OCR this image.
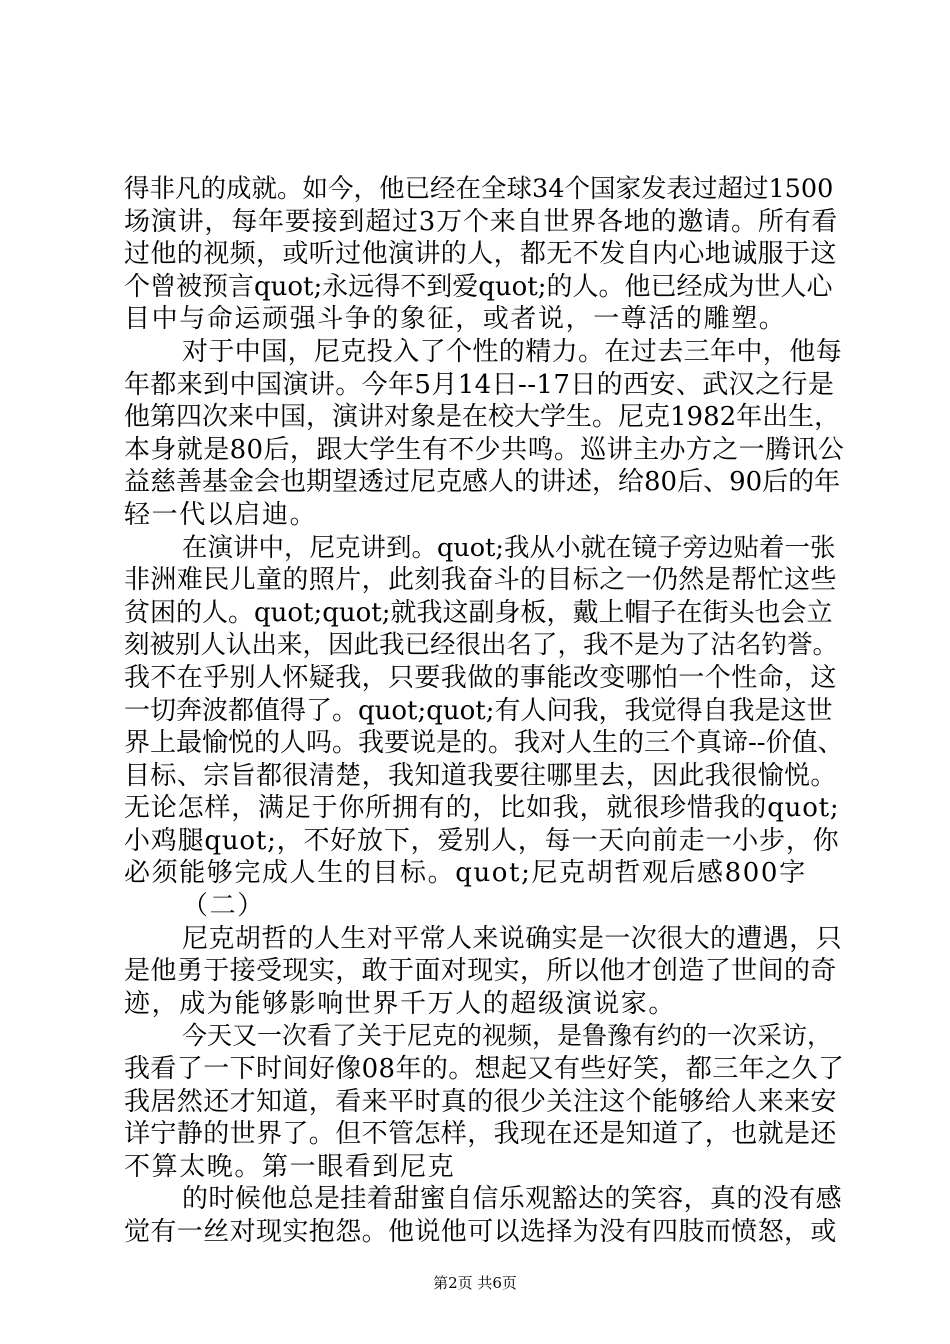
得非凡的成就。如今，他已经在全球34个国家发表过超过1500
场演讲，每年要接到超过3万个来自世界各地的邀请。所有看
过他的视频，或听过他演讲的人，都无不发自内心地诚服于这
个曾被预言quot;永远得不到爱quot;的人。他已经成为世人心
目中与命运顽强斗争的象征，或者说，一尊活的雕塑。
对于中国，尼克投入了个性的精力。在过去三年中，他每
年都来到中国演讲。今年5月14日--17日的西安、武汉之行是
他第四次来中国，演讲对象是在校大学生。尼克1982年出生，
本身就是80后，跟大学生有不少共鸣。巡讲主办方之一腾讯公
益慈善基金会也期望透过尼克感人的讲述，给80后、90后的年
轻一代以启迪。
在演讲中，尼克讲到。quot;我从小就在镜子旁边贴着一张
非洲难民儿童的照片，此刻我奋斗的目标之一仍然是帮忙这些
贫困的人。quot;quot;就我这副身板，戴上帽子在街头也会立
刻被别人认出来，因此我已经很出名了，我不是为了沽名钓誉。
我不在乎别人怀疑我，只要我做的事能改变哪怕一个性命，这
一切奔波都值得了。quot;quot;有人问我，我觉得自我是这世
界上最愉悦的人吗。我要说是的。我对人生的三个真谛--价值、
目标、宗旨都很清楚，我知道我要往哪里去，因此我很愉悦。
无论怎样，满足于你所拥有的，比如我，就很珍惜我的quot;
小鸡腿quot;，不好放下，爱别人，每一天向前走一小步，你
必须能够完成人生的目标。quot;尼克胡哲观后感800字
（二）
尼克胡哲的人生对平常人来说确实是一次很大的遭遇，只
是他勇于接受现实，敢于面对现实，所以他才创造了世间的奇
迹，成为能够影响世界千万人的超级演说家。
今天又一次看了关于尼克的视频，是鲁豫有约的一次采访，
我看了一下时间好像08年的。想起又有些好笑，都三年之久了
我居然还才知道，看来平时真的很少关注这个能够给人来来安
详宁静的世界了。但不管怎样，我现在还是知道了，也就是还
不算太晚。第一眼看到尼克
的时候他总是挂着甜蜜自信乐观豁达的笑容，真的没有感
觉有一丝对现实抱怨。他说他可以选择为没有四肢而愤怒，或
第2页 共6页
